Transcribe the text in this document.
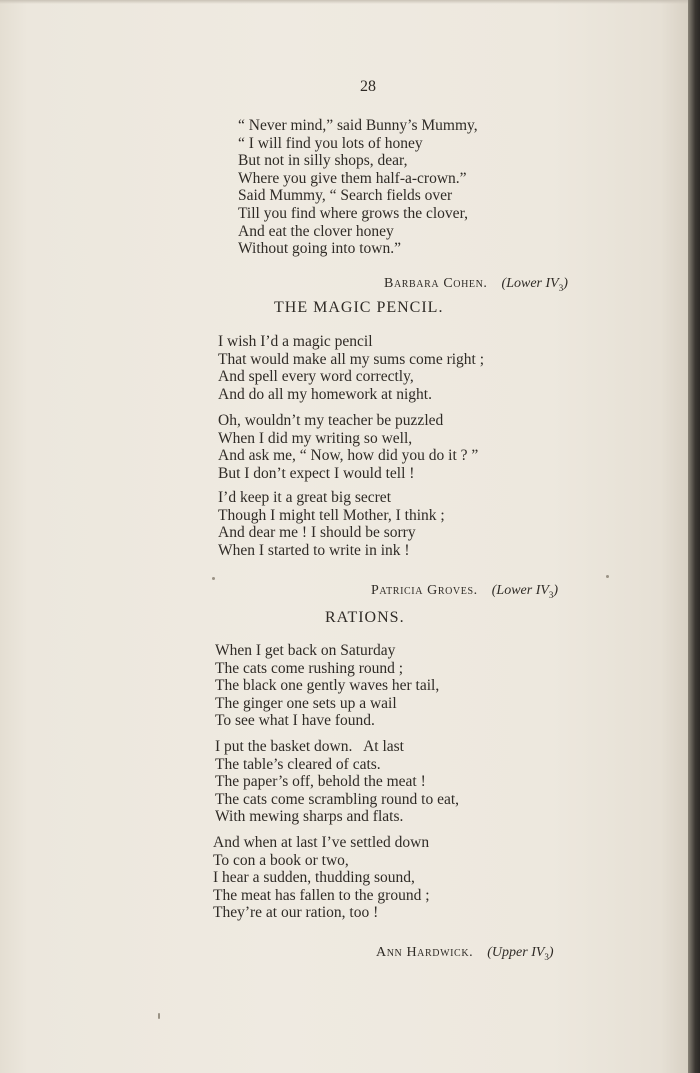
28
“ Never mind,” said Bunny’s Mummy,
“ I will find you lots of honey
But not in silly shops, dear,
Where you give them half-a-crown.”
Said Mummy, “ Search fields over
Till you find where grows the clover,
And eat the clover honey
Without going into town.”

Barbara Cohen. (Lower $IV_3$)

THE MAGIC PENCIL.
I wish I’d a magic pencil
That would make all my sums come right ;
And spell every word correctly,
And do all my homework at night.
Oh, wouldn’t my teacher be puzzled
When I did my writing so well,
And ask me, “ Now, how did you do it ? ”
But I don’t expect I would tell !
I’d keep it a great big secret
Though I might tell Mother, I think ;
And dear me ! I should be sorry
When I started to write in ink !

Patricia Groves. (Lower $IV_3$)

RATIONS.
When I get back on Saturday
The cats come rushing round ;
The black one gently waves her tail,
The ginger one sets up a wail
To see what I have found.
I put the basket down.   At last
The table’s cleared of cats.
The paper’s off, behold the meat !
The cats come scrambling round to eat,
With mewing sharps and flats.
And when at last I’ve settled down
To con a book or two,
I hear a sudden, thudding sound,
The meat has fallen to the ground ;
They’re at our ration, too !

Ann Hardwick. (Upper $IV_3$)
